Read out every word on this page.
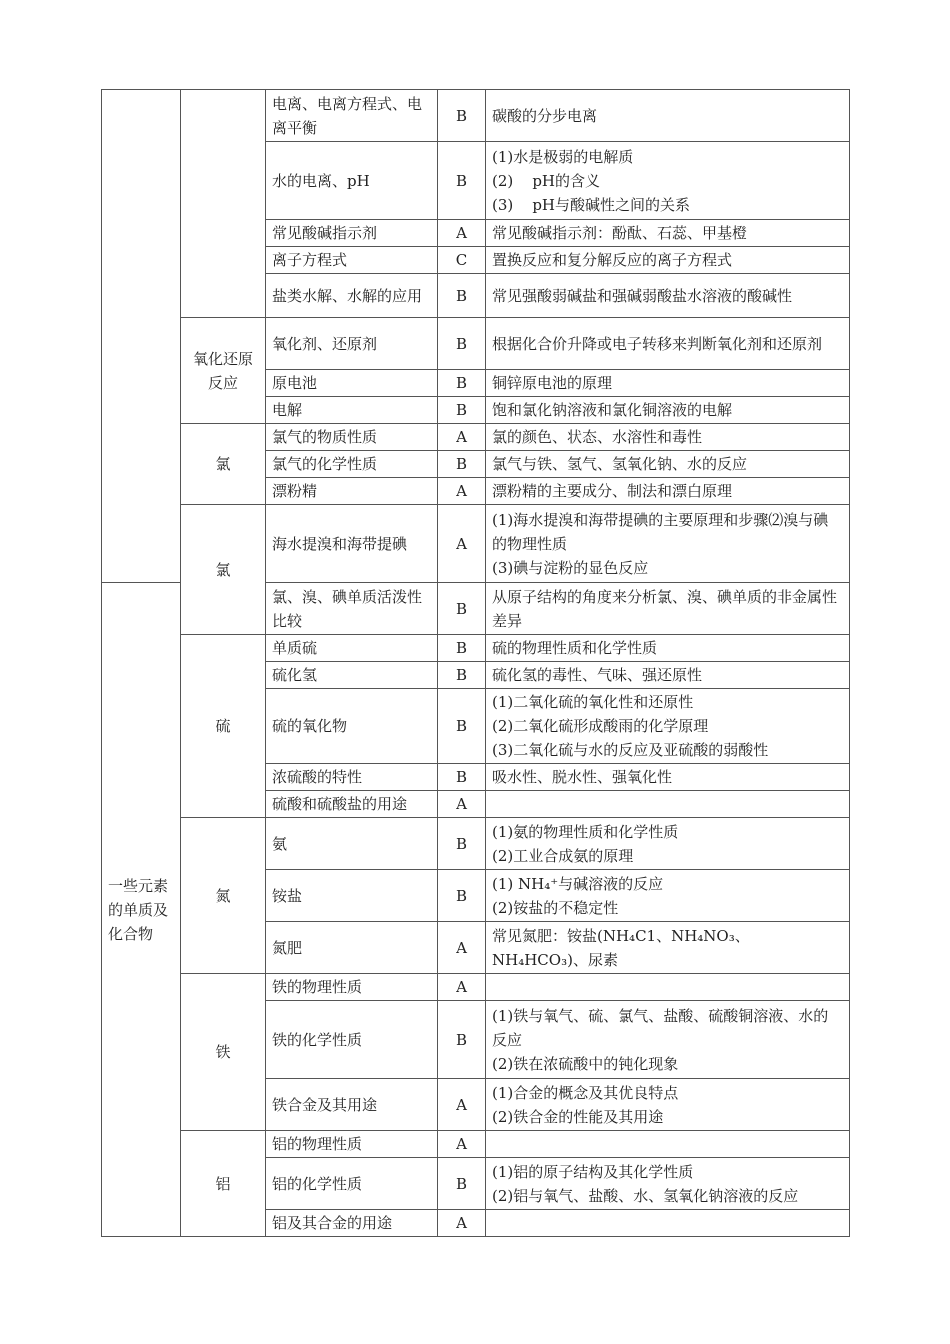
		电离、电离方程式、电离平衡	B	碳酸的分步电离

		水的电离、pH	B	(1)水是极弱的电解质
(2)    pH的含义
(3)    pH与酸碱性之间的关系

		常见酸碱指示剂	A	常见酸碱指示剂：酚酞、石蕊、甲基橙

		离子方程式	C	置换反应和复分解反应的离子方程式

		盐类水解、水解的应用	B	常见强酸弱碱盐和强碱弱酸盐水溶液的酸碱性

	氧化还原反应	氧化剂、还原剂	B	根据化合价升降或电子转移来判断氧化剂和还原剂

		原电池	B	铜锌原电池的原理

		电解	B	饱和氯化钠溶液和氯化铜溶液的电解

	氯	氯气的物质性质	A	氯的颜色、状态、水溶性和毒性

		氯气的化学性质	B	氯气与铁、氢气、氢氧化钠、水的反应

		漂粉精	A	漂粉精的主要成分、制法和漂白原理

	氯	海水提溴和海带提碘	A	(1)海水提溴和海带提碘的主要原理和步骤⑵溴与碘的物理性质
(3)碘与淀粉的显色反应

一些元素的单质及化合物		氯、溴、碘单质活泼性比较	B	从原子结构的角度来分析氯、溴、碘单质的非金属性差异

	硫	单质硫	B	硫的物理性质和化学性质

		硫化氢	B	硫化氢的毒性、气味、强还原性

		硫的氧化物	B	(1)二氧化硫的氧化性和还原性
(2)二氧化硫形成酸雨的化学原理
(3)二氧化硫与水的反应及亚硫酸的弱酸性

		浓硫酸的特性	B	吸水性、脱水性、强氧化性

		硫酸和硫酸盐的用途	A	
	氮	氨	B	(1)氨的物理性质和化学性质
(2)工业合成氨的原理

		铵盐	B	(1) NH₄⁺与碱溶液的反应
(2)铵盐的不稳定性

		氮肥	A	常见氮肥：铵盐(NH₄C1、NH₄NO₃、NH₄HCO₃)、尿素

	铁	铁的物理性质	A	
		铁的化学性质	B	(1)铁与氧气、硫、氯气、盐酸、硫酸铜溶液、水的反应
(2)铁在浓硫酸中的钝化现象

		铁合金及其用途	A	(1)合金的概念及其优良特点
(2)铁合金的性能及其用途

	铝	铝的物理性质	A	
		铝的化学性质	B	(1)铝的原子结构及其化学性质
(2)铝与氧气、盐酸、水、氢氧化钠溶液的反应

		铝及其合金的用途	A	
